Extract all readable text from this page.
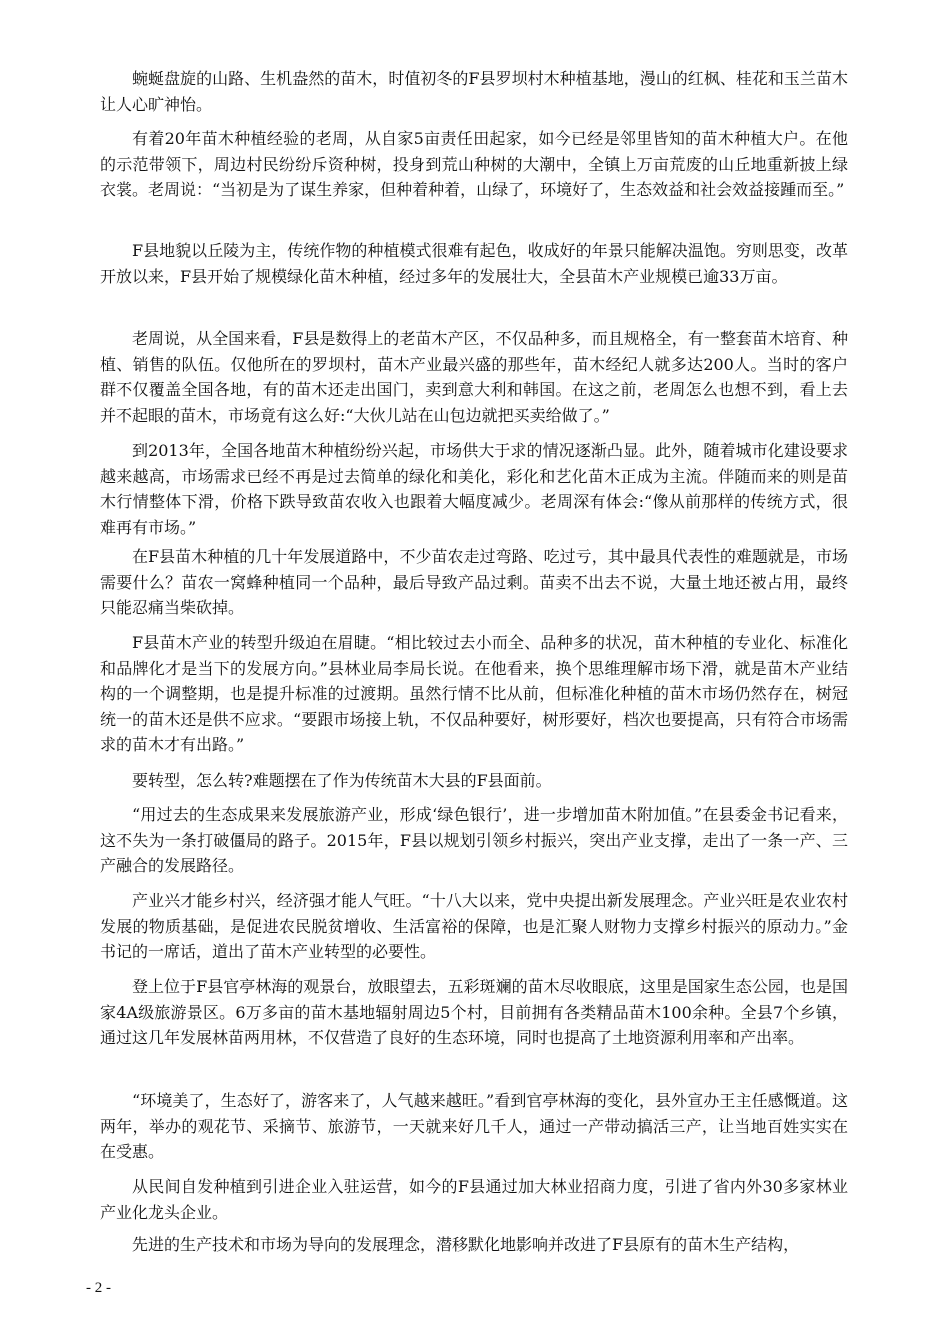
蜿蜒盘旋的山路、生机盎然的苗木，时值初冬的F县罗坝村木种植基地，漫山的红枫、桂花和玉兰苗木让人心旷神怡。

有着20年苗木种植经验的老周，从自家5亩责任田起家，如今已经是邻里皆知的苗木种植大户。在他的示范带领下，周边村民纷纷斥资种树，投身到荒山种树的大潮中，全镇上万亩荒废的山丘地重新披上绿衣裳。老周说：“当初是为了谋生养家，但种着种着，山绿了，环境好了，生态效益和社会效益接踵而至。”

F县地貌以丘陵为主，传统作物的种植模式很难有起色，收成好的年景只能解决温饱。穷则思变，改革开放以来，F县开始了规模绿化苗木种植，经过多年的发展壮大，全县苗木产业规模已逾33万亩。

老周说，从全国来看，F县是数得上的老苗木产区，不仅品种多，而且规格全，有一整套苗木培育、种植、销售的队伍。仅他所在的罗坝村，苗木产业最兴盛的那些年，苗木经纪人就多达200人。当时的客户群不仅覆盖全国各地，有的苗木还走出国门，卖到意大利和韩国。在这之前，老周怎么也想不到，看上去并不起眼的苗木，市场竟有这么好:“大伙儿站在山包边就把买卖给做了。”

到2013年，全国各地苗木种植纷纷兴起，市场供大于求的情况逐渐凸显。此外，随着城市化建设要求越来越高，市场需求已经不再是过去简单的绿化和美化，彩化和艺化苗木正成为主流。伴随而来的则是苗木行情整体下滑，价格下跌导致苗农收入也跟着大幅度减少。老周深有体会:“像从前那样的传统方式，很难再有市场。”

在F县苗木种植的几十年发展道路中，不少苗农走过弯路、吃过亏，其中最具代表性的难题就是，市场需要什么？苗农一窝蜂种植同一个品种，最后导致产品过剩。苗卖不出去不说，大量土地还被占用，最终只能忍痛当柴砍掉。

F县苗木产业的转型升级迫在眉睫。“相比较过去小而全、品种多的状况，苗木种植的专业化、标准化和品牌化才是当下的发展方向。”县林业局李局长说。在他看来，换个思维理解市场下滑，就是苗木产业结构的一个调整期，也是提升标准的过渡期。虽然行情不比从前，但标准化种植的苗木市场仍然存在，树冠统一的苗木还是供不应求。“要跟市场接上轨，不仅品种要好，树形要好，档次也要提高，只有符合市场需求的苗木才有出路。”

要转型，怎么转?难题摆在了作为传统苗木大县的F县面前。

“用过去的生态成果来发展旅游产业，形成‘绿色银行’，进一步增加苗木附加值。”在县委金书记看来，这不失为一条打破僵局的路子。2015年，F县以规划引领乡村振兴，突出产业支撑，走出了一条一产、三产融合的发展路径。

产业兴才能乡村兴，经济强才能人气旺。“十八大以来，党中央提出新发展理念。产业兴旺是农业农村发展的物质基础，是促进农民脱贫增收、生活富裕的保障，也是汇聚人财物力支撑乡村振兴的原动力。”金书记的一席话，道出了苗木产业转型的必要性。

登上位于F县官亭林海的观景台，放眼望去，五彩斑斓的苗木尽收眼底，这里是国家生态公园，也是国家4A级旅游景区。6万多亩的苗木基地辐射周边5个村，目前拥有各类精品苗木100余种。全县7个乡镇，通过这几年发展林苗两用林，不仅营造了良好的生态环境，同时也提高了土地资源利用率和产出率。

“环境美了，生态好了，游客来了，人气越来越旺。”看到官亭林海的变化，县外宣办王主任感慨道。这两年，举办的观花节、采摘节、旅游节，一天就来好几千人，通过一产带动搞活三产，让当地百姓实实在在受惠。

从民间自发种植到引进企业入驻运营，如今的F县通过加大林业招商力度，引进了省内外30多家林业产业化龙头企业。

先进的生产技术和市场为导向的发展理念，潜移默化地影响并改进了F县原有的苗木生产结构，

- 2 -
